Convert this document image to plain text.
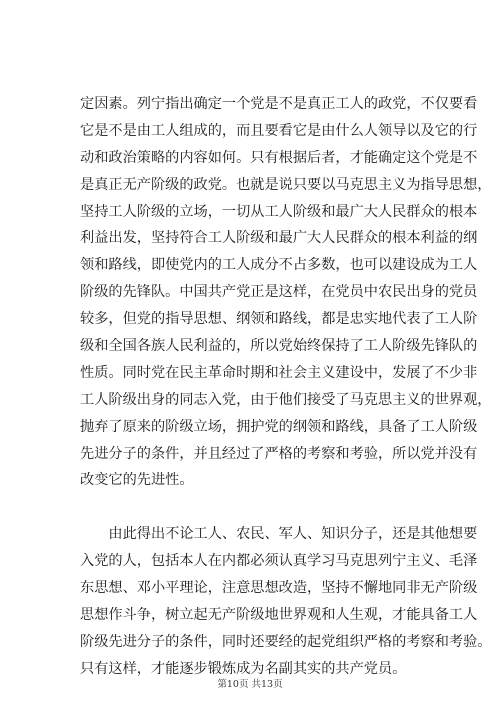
定因素。列宁指出确定一个党是不是真正工人的政党，不仅要看
它是不是由工人组成的，而且要看它是由什么人领导以及它的行
动和政治策略的内容如何。只有根据后者，才能确定这个党是不
是真正无产阶级的政党。也就是说只要以马克思主义为指导思想，
坚持工人阶级的立场，一切从工人阶级和最广大人民群众的根本
利益出发，坚持符合工人阶级和最广大人民群众的根本利益的纲
领和路线，即使党内的工人成分不占多数，也可以建设成为工人
阶级的先锋队。中国共产党正是这样，在党员中农民出身的党员
较多，但党的指导思想、纲领和路线，都是忠实地代表了工人阶
级和全国各族人民利益的，所以党始终保持了工人阶级先锋队的
性质。同时党在民主革命时期和社会主义建设中，发展了不少非
工人阶级出身的同志入党，由于他们接受了马克思主义的世界观，
抛弃了原来的阶级立场，拥护党的纲领和路线，具备了工人阶级
先进分子的条件，并且经过了严格的考察和考验，所以党并没有
改变它的先进性。
　　由此得出不论工人、农民、军人、知识分子，还是其他想要
入党的人，包括本人在内都必须认真学习马克思列宁主义、毛泽
东思想、邓小平理论，注意思想改造，坚持不懈地同非无产阶级
思想作斗争，树立起无产阶级地世界观和人生观，才能具备工人
阶级先进分子的条件，同时还要经的起党组织严格的考察和考验。
只有这样，才能逐步锻炼成为名副其实的共产党员。
第10页 共13页
